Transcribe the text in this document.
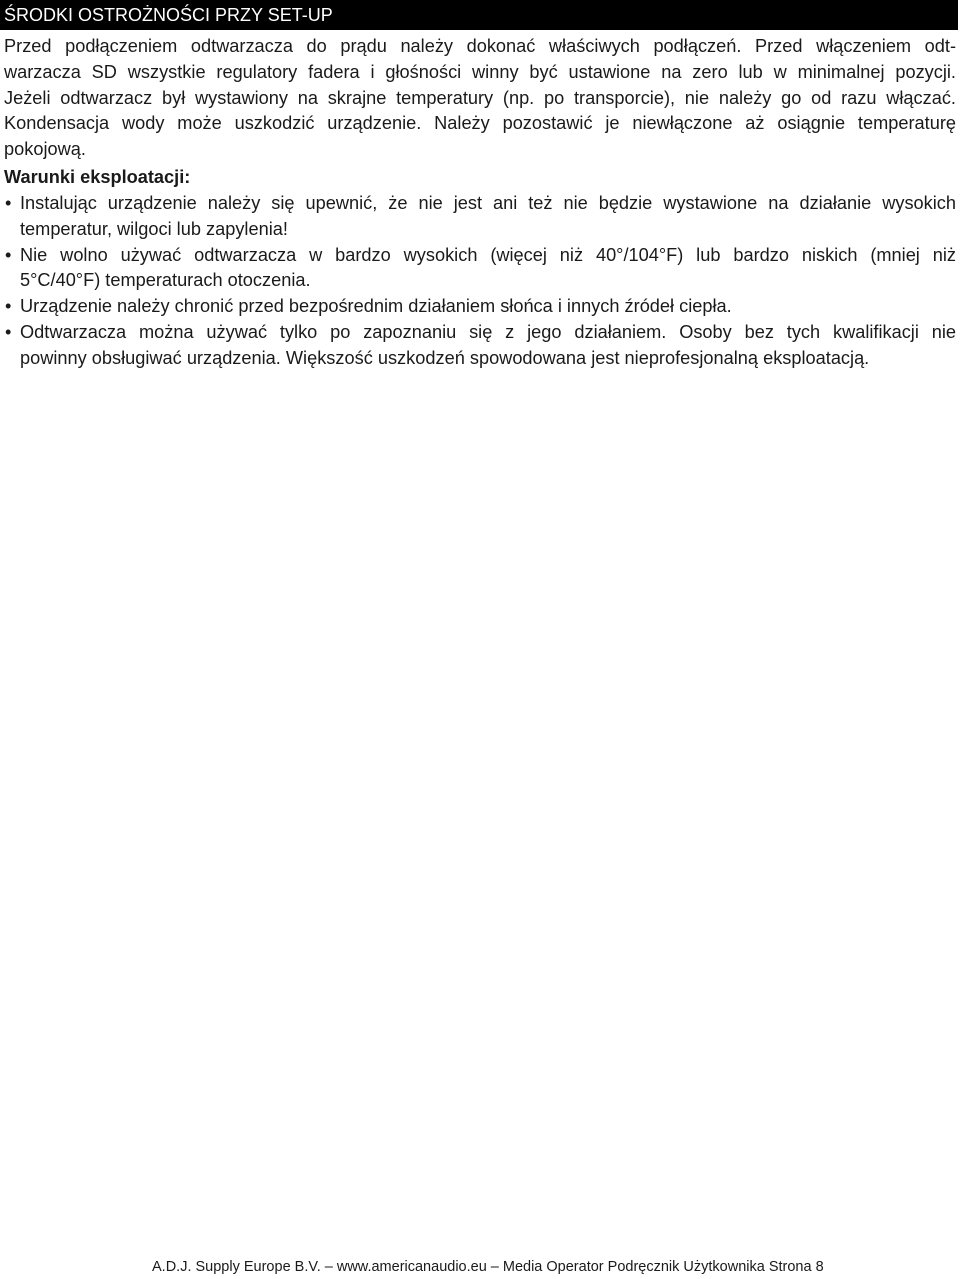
ŚRODKI OSTROŻNOŚCI PRZY SET-UP

Przed podłączeniem odtwarzacza do prądu należy dokonać właściwych podłączeń. Przed włączeniem odt-
warzacza SD wszystkie regulatory fadera i głośności winny być ustawione na zero lub w minimalnej pozycji.
Jeżeli odtwarzacz był wystawiony na skrajne temperatury (np. po transporcie), nie należy go od razu włączać.
Kondensacja wody może uszkodzić urządzenie. Należy pozostawić je niewłączone aż osiągnie temperaturę
pokojową.

Warunki eksploatacji:
• Instalując urządzenie należy się upewnić, że nie jest ani też nie będzie wystawione na działanie wysokich
temperatur, wilgoci lub zapylenia!
• Nie wolno używać odtwarzacza w bardzo wysokich (więcej niż 40°/104°F) lub bardzo niskich (mniej niż
5°C/40°F) temperaturach otoczenia.
• Urządzenie należy chronić przed bezpośrednim działaniem słońca i innych źródeł ciepła.
• Odtwarzacza można używać tylko po zapoznaniu się z jego działaniem. Osoby bez tych kwalifikacji nie
powinny obsługiwać urządzenia. Większość uszkodzeń spowodowana jest nieprofesjonalną eksploatacją.
A.D.J. Supply Europe B.V. – www.americanaudio.eu – Media Operator Podręcznik Użytkownika Strona 8
